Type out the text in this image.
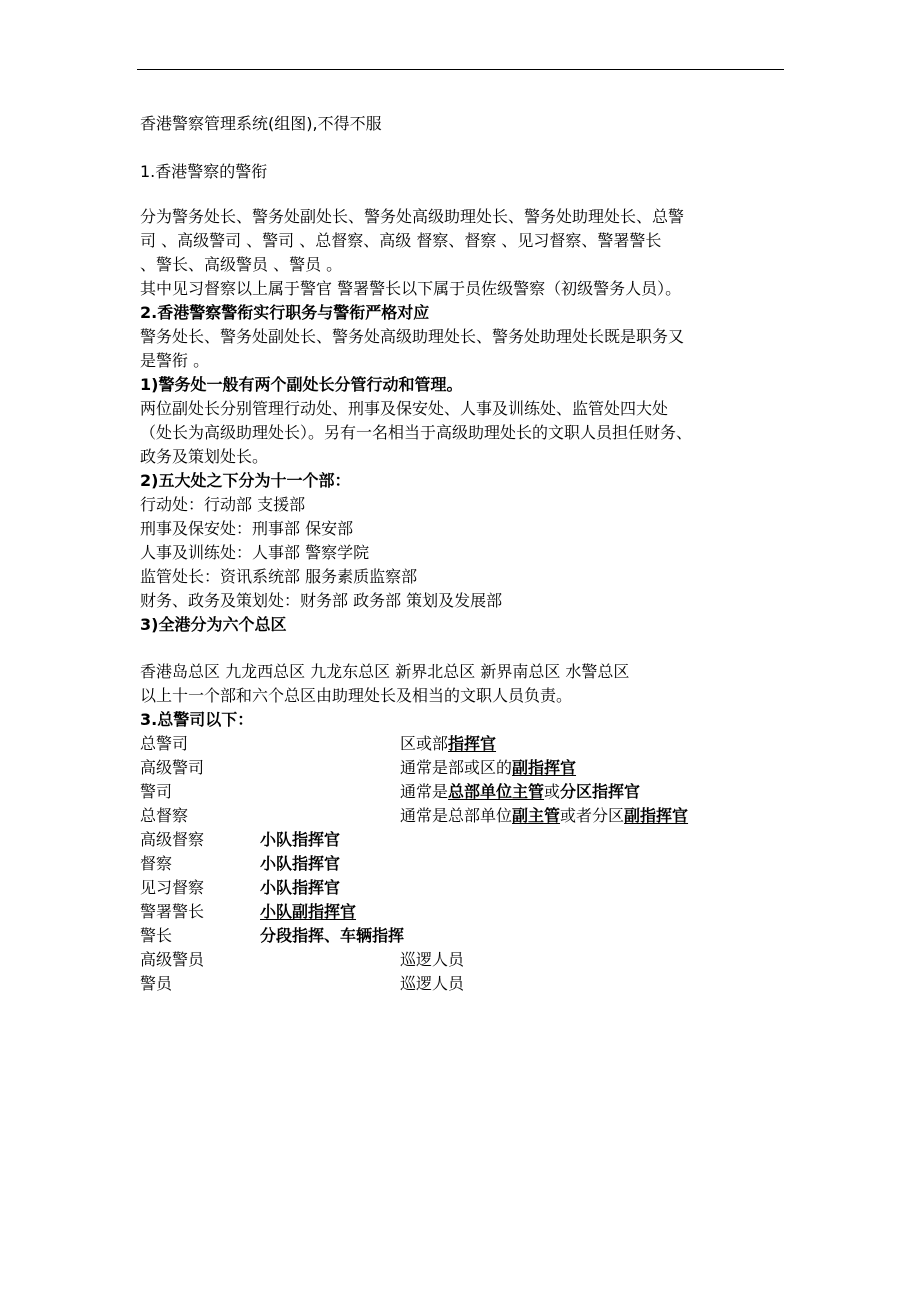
香港警察管理系统(组图),不得不服
1.香港警察的警衔
分为警务处长、警务处副处长、警务处高级助理处长、警务处助理处长、总警
司 、高级警司 、警司 、总督察、高级 督察、督察 、见习督察、警署警长
、警长、高级警员 、警员 。
其中见习督察以上属于警官 警署警长以下属于员佐级警察（初级警务人员）。
2.香港警察警衔实行职务与警衔严格对应
警务处长、警务处副处长、警务处高级助理处长、警务处助理处长既是职务又
是警衔 。
1)警务处一般有两个副处长分管行动和管理。
两位副处长分别管理行动处、刑事及保安处、人事及训练处、监管处四大处
（处长为高级助理处长）。另有一名相当于高级助理处长的文职人员担任财务、
政务及策划处长。
2)五大处之下分为十一个部：
行动处：行动部 支援部
刑事及保安处：刑事部 保安部
人事及训练处：人事部 警察学院
监管处长：资讯系统部 服务素质监察部
财务、政务及策划处：财务部 政务部 策划及发展部
3)全港分为六个总区
香港岛总区 九龙西总区 九龙东总区 新界北总区 新界南总区 水警总区
以上十一个部和六个总区由助理处长及相当的文职人员负责。
3.总警司以下：
总警司	区或部指挥官
高级警司	通常是部或区的副指挥官
警司	通常是总部单位主管或分区指挥官
总督察	通常是总部单位副主管或者分区副指挥官
高级督察	小队指挥官
督察	小队指挥官
见习督察	小队指挥官
警署警长	小队副指挥官
警长	分段指挥、车辆指挥
高级警员	巡逻人员
警员	巡逻人员
